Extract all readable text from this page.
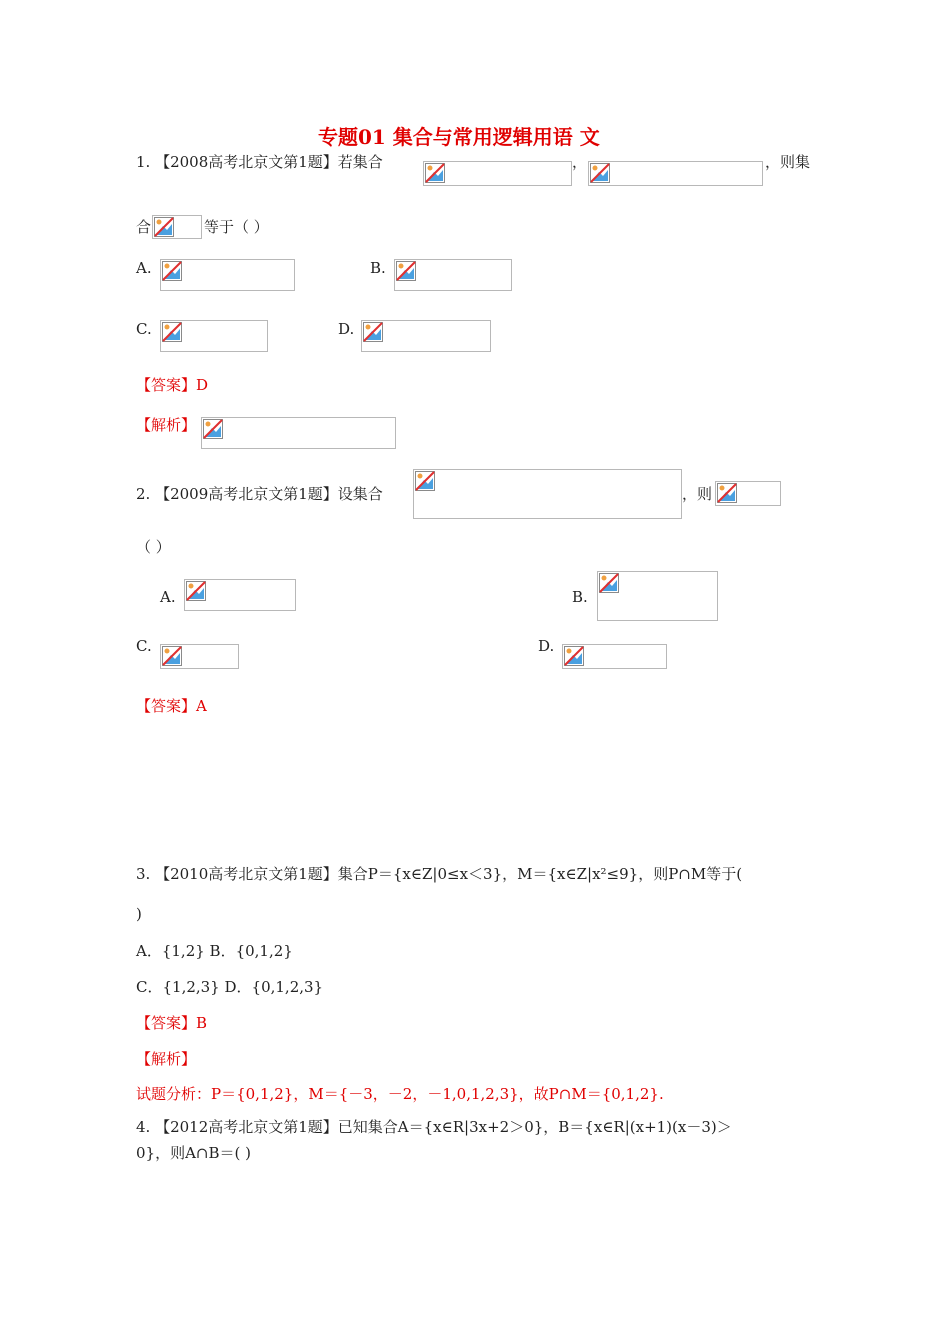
专题01 集合与常用逻辑用语 文
1. 【2008高考北京文第1题】若集合	，	，则集
合	等于（ ）
A.	B.
C.	D.
【答案】D
【解析】
2. 【2009高考北京文第1题】设集合	，则
（ ）
A.	B.
C.	D.
【答案】A
3. 【2010高考北京文第1题】集合P＝{x∈Z|0≤x＜3}，M＝{x∈Z|x²≤9}，则P∩M等于(
)
A．{1,2} B．{0,1,2}
C．{1,2,3} D．{0,1,2,3}
【答案】B
【解析】
试题分析：P＝{0,1,2}，M＝{－3，－2，－1,0,1,2,3}，故P∩M＝{0,1,2}.
4. 【2012高考北京文第1题】已知集合A＝{x∈R|3x+2＞0}，B＝{x∈R|(x+1)(x－3)＞
0}，则A∩B＝( )
